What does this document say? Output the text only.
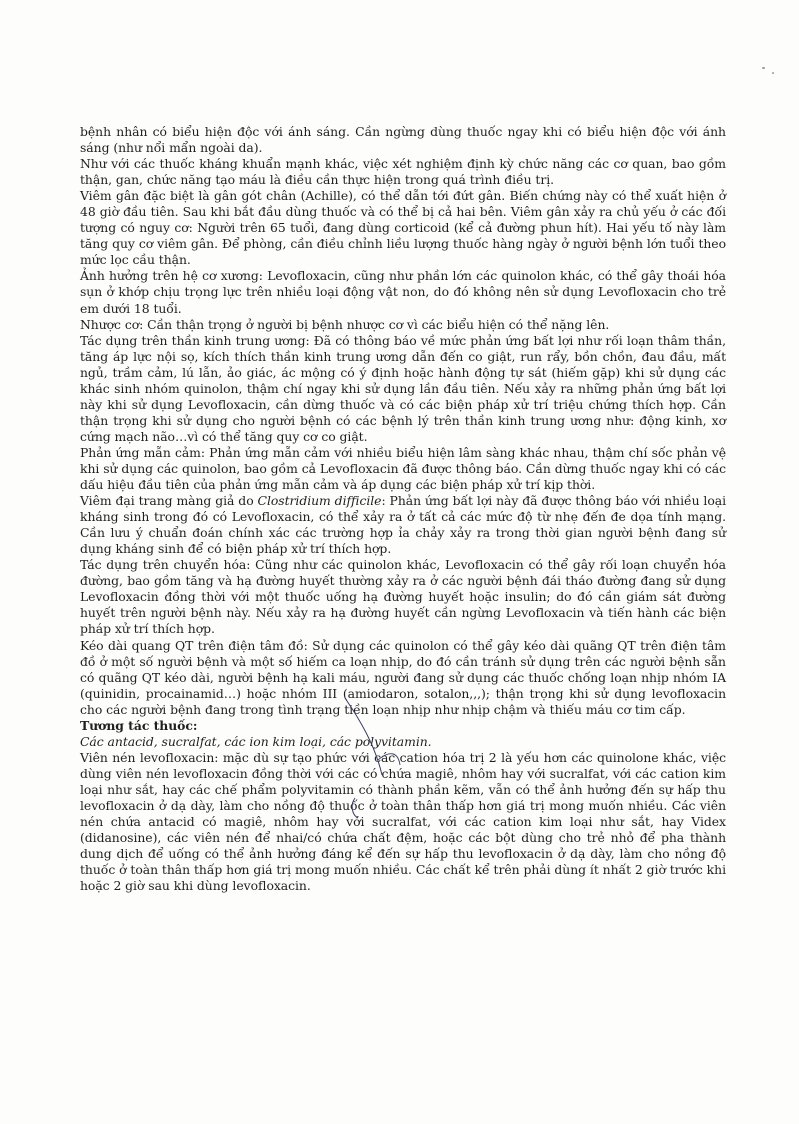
bệnh nhân có biểu hiện độc với ánh sáng. Cần ngừng dùng thuốc ngay khi có biểu hiện độc với ánh sáng (như nổi mẩn ngoài da).

Như với các thuốc kháng khuẩn mạnh khác, việc xét nghiệm định kỳ chức năng các cơ quan, bao gồm thận, gan, chức năng tạo máu là điều cần thực hiện trong quá trình điều trị.

Viêm gân đặc biệt là gân gót chân (Achille), có thể dẫn tới đứt gân. Biến chứng này có thể xuất hiện ở 48 giờ đầu tiên. Sau khi bắt đầu dùng thuốc và có thể bị cả hai bên. Viêm gân xảy ra chủ yếu ở các đối tượng có nguy cơ: Người trên 65 tuổi, đang dùng corticoid (kể cả đường phun hít). Hai yếu tố này làm tăng quy cơ viêm gân. Để phòng, cần điều chỉnh liều lượng thuốc hàng ngày ở người bệnh lớn tuổi theo mức lọc cầu thận.

Ảnh hưởng trên hệ cơ xương: Levofloxacin, cũng như phần lớn các quinolon khác, có thể gây thoái hóa sụn ở khớp chịu trọng lực trên nhiều loại động vật non, do đó không nên sử dụng Levofloxacin cho trẻ em dưới 18 tuổi.

Nhược cơ: Cần thận trọng ở người bị bệnh nhược cơ vì các biểu hiện có thể nặng lên.

Tác dụng trên thần kinh trung ương: Đã có thông báo về mức phản ứng bất lợi như rối loạn thâm thần, tăng áp lực nội sọ, kích thích thần kinh trung ương dẫn đến co giật, run rẩy, bồn chồn, đau đầu, mất ngủ, trầm cảm, lú lẫn, ảo giác, ác mộng có ý định hoặc hành động tự sát (hiếm gặp) khi sử dụng các khác sinh nhóm quinolon, thậm chí ngay khi sử dụng lần đầu tiên. Nếu xảy ra những phản ứng bất lợi này khi sử dụng Levofloxacin, cần dừng thuốc và có các biện pháp xử trí triệu chứng thích hợp. Cần thận trọng khi sử dụng cho người bệnh có các bệnh lý trên thần kinh trung ương như: động kinh, xơ cứng mạch não…vì có thể tăng quy cơ co giật.

Phản ứng mẫn cảm: Phản ứng mẫn cảm với nhiều biểu hiện lâm sàng khác nhau, thậm chí sốc phản vệ khi sử dụng các quinolon, bao gồm cả Levofloxacin đã được thông báo. Cần dừng thuốc ngay khi có các dấu hiệu đầu tiên của phản ứng mẫn cảm và áp dụng các biện pháp xử trí kịp thời.

Viêm đại trang màng giả do Clostridium difficile: Phản ứng bất lợi này đã được thông báo với nhiều loại kháng sinh trong đó có Levofloxacin, có thể xảy ra ở tất cả các mức độ từ nhẹ đến đe dọa tính mạng. Cần lưu ý chuẩn đoán chính xác các trường hợp ỉa chảy xảy ra trong thời gian người bệnh đang sử dụng kháng sinh để có biện pháp xử trí thích hợp.

Tác dụng trên chuyển hóa: Cũng như các quinolon khác, Levofloxacin có thể gây rối loạn chuyển hóa đường, bao gồm tăng và hạ đường huyết thường xảy ra ở các người bệnh đái tháo đường đang sử dụng Levofloxacin đồng thời với một thuốc uống hạ đường huyết hoặc insulin; do đó cần giám sát đường huyết trên người bệnh này. Nếu xảy ra hạ đường huyết cần ngừng Levofloxacin và tiến hành các biện pháp xử trí thích hợp.

Kéo dài quang QT trên điện tâm đồ: Sử dụng các quinolon có thể gây kéo dài quãng QT trên điện tâm đồ ở một số người bệnh và một số hiếm ca loạn nhịp, do đó cần tránh sử dụng trên các người bệnh sẵn có quãng QT kéo dài, người bệnh hạ kali máu, người đang sử dụng các thuốc chống loạn nhịp nhóm IA (quinidin, procainamid…) hoặc nhóm III (amiodaron, sotalon,,,); thận trọng khi sử dụng levofloxacin cho các người bệnh đang trong tình trạng tiền loạn nhịp như nhịp chậm và thiếu máu cơ tim cấp.

Tương tác thuốc:

Các antacid, sucralfat, các ion kim loại, các polyvitamin.

Viên nén levofloxacin: mặc dù sự tạo phức với các cation hóa trị 2 là yếu hơn các quinolone khác, việc dùng viên nén levofloxacin đồng thời với các có chứa magiê, nhôm hay với sucralfat, với các cation kim loại như sắt, hay các chế phẩm polyvitamin có thành phần kẽm, vẫn có thể ảnh hưởng đến sự hấp thu levofloxacin ở dạ dày, làm cho nồng độ thuốc ở toàn thân thấp hơn giá trị mong muốn nhiều. Các viên nén chứa antacid có magiê, nhôm hay với sucralfat, với các cation kim loại như sắt, hay Videx (didanosine), các viên nén để nhai/có chứa chất đệm, hoặc các bột dùng cho trẻ nhỏ để pha thành dung dịch để uống có thể ảnh hưởng đáng kể đến sự hấp thu levofloxacin ở dạ dày, làm cho nồng độ thuốc ở toàn thân thấp hơn giá trị mong muốn nhiều. Các chất kể trên phải dùng ít nhất 2 giờ trước khi hoặc 2 giờ sau khi dùng levofloxacin.
